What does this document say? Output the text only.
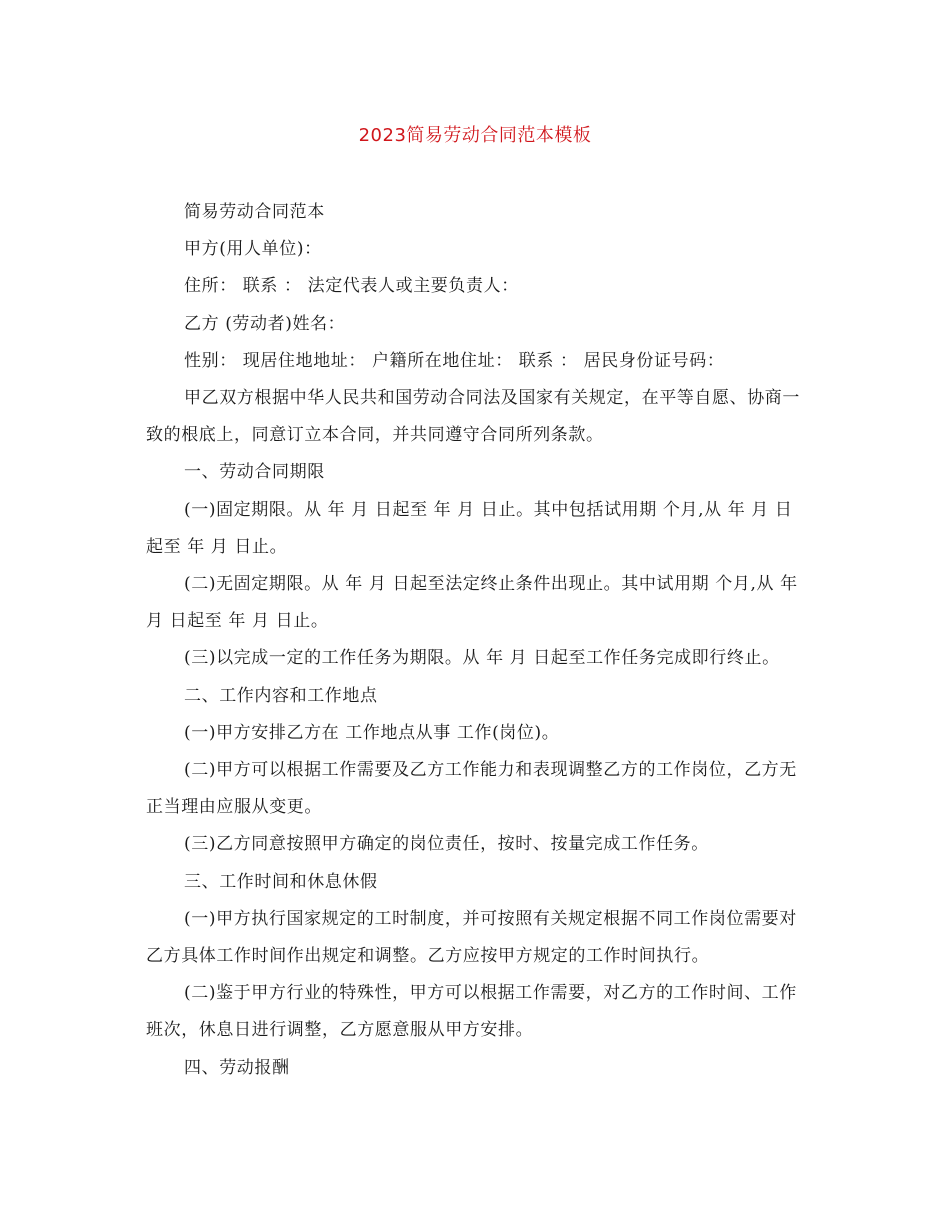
2023简易劳动合同范本模板

简易劳动合同范本

甲方(用人单位)：

住所： 联系 ： 法定代表人或主要负责人：

乙方 (劳动者)姓名：

性别： 现居住地地址： 户籍所在地住址： 联系 ： 居民身份证号码：

甲乙双方根据中华人民共和国劳动合同法及国家有关规定，在平等自愿、协商一致的根底上，同意订立本合同，并共同遵守合同所列条款。

一、劳动合同期限

(一)固定期限。从 年 月 日起至 年 月 日止。其中包括试用期 个月,从 年 月 日起至 年 月 日止。

(二)无固定期限。从 年 月 日起至法定终止条件出现止。其中试用期 个月,从 年 月 日起至 年 月 日止。

(三)以完成一定的工作任务为期限。从 年 月 日起至工作任务完成即行终止。

二、工作内容和工作地点

(一)甲方安排乙方在 工作地点从事 工作(岗位)。

(二)甲方可以根据工作需要及乙方工作能力和表现调整乙方的工作岗位，乙方无正当理由应服从变更。

(三)乙方同意按照甲方确定的岗位责任，按时、按量完成工作任务。

三、工作时间和休息休假

(一)甲方执行国家规定的工时制度，并可按照有关规定根据不同工作岗位需要对乙方具体工作时间作出规定和调整。乙方应按甲方规定的工作时间执行。

(二)鉴于甲方行业的特殊性，甲方可以根据工作需要，对乙方的工作时间、工作班次，休息日进行调整，乙方愿意服从甲方安排。

四、劳动报酬
